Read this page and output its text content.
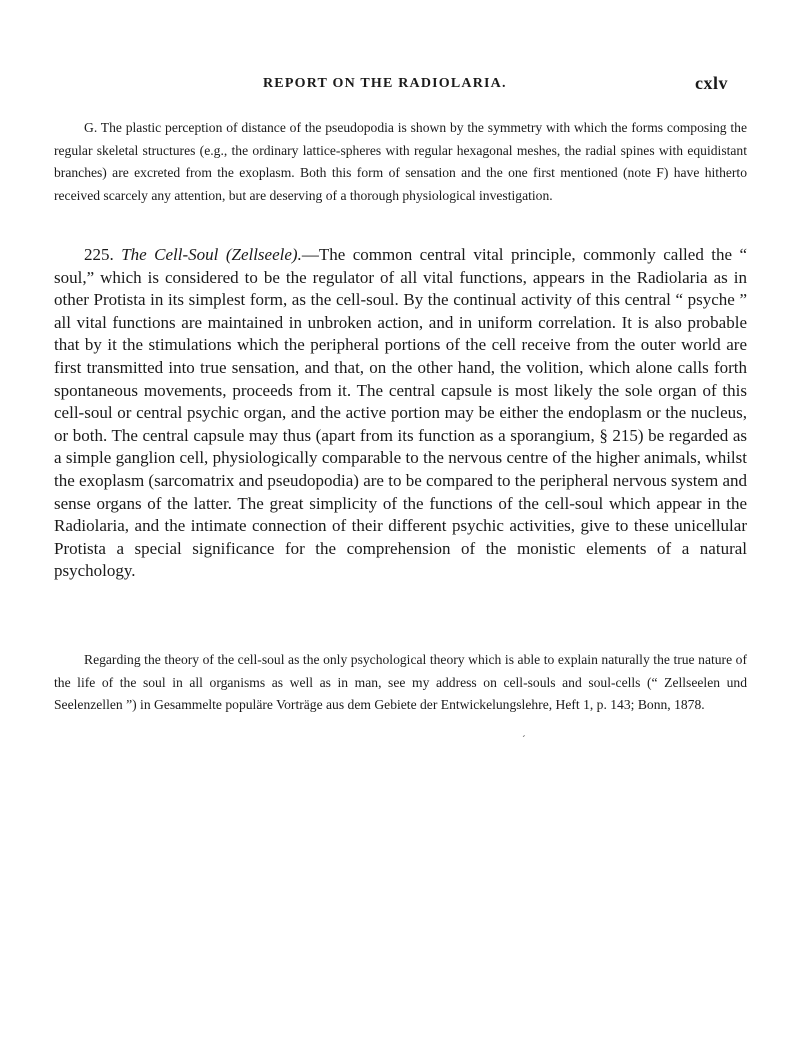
REPORT ON THE RADIOLARIA.	cxlv

G. The plastic perception of distance of the pseudopodia is shown by the symmetry with which the forms composing the regular skeletal structures (e.g., the ordinary lattice-spheres with regular hexagonal meshes, the radial spines with equidistant branches) are excreted from the exoplasm. Both this form of sensation and the one first mentioned (note F) have hitherto received scarcely any attention, but are deserving of a thorough physiological investigation.

225. The Cell-Soul (Zellseele).—The common central vital principle, commonly called the “ soul,” which is considered to be the regulator of all vital functions, appears in the Radiolaria as in other Protista in its simplest form, as the cell-soul. By the continual activity of this central “ psyche ” all vital functions are maintained in unbroken action, and in uniform correlation. It is also probable that by it the stimulations which the peripheral portions of the cell receive from the outer world are first transmitted into true sensation, and that, on the other hand, the volition, which alone calls forth spontaneous movements, proceeds from it. The central capsule is most likely the sole organ of this cell-soul or central psychic organ, and the active portion may be either the endoplasm or the nucleus, or both. The central capsule may thus (apart from its function as a sporangium, § 215) be regarded as a simple ganglion cell, physiologically comparable to the nervous centre of the higher animals, whilst the exoplasm (sarcomatrix and pseudopodia) are to be compared to the peripheral nervous system and sense organs of the latter. The great simplicity of the functions of the cell-soul which appear in the Radiolaria, and the intimate connection of their different psychic activities, give to these unicellular Protista a special significance for the comprehension of the monistic elements of a natural psychology.

Regarding the theory of the cell-soul as the only psychological theory which is able to explain naturally the true nature of the life of the soul in all organisms as well as in man, see my address on cell-souls and soul-cells (“ Zellseelen und Seelenzellen ”) in Gesammelte populäre Vorträge aus dem Gebiete der Entwickelungslehre, Heft 1, p. 143; Bonn, 1878.

´
